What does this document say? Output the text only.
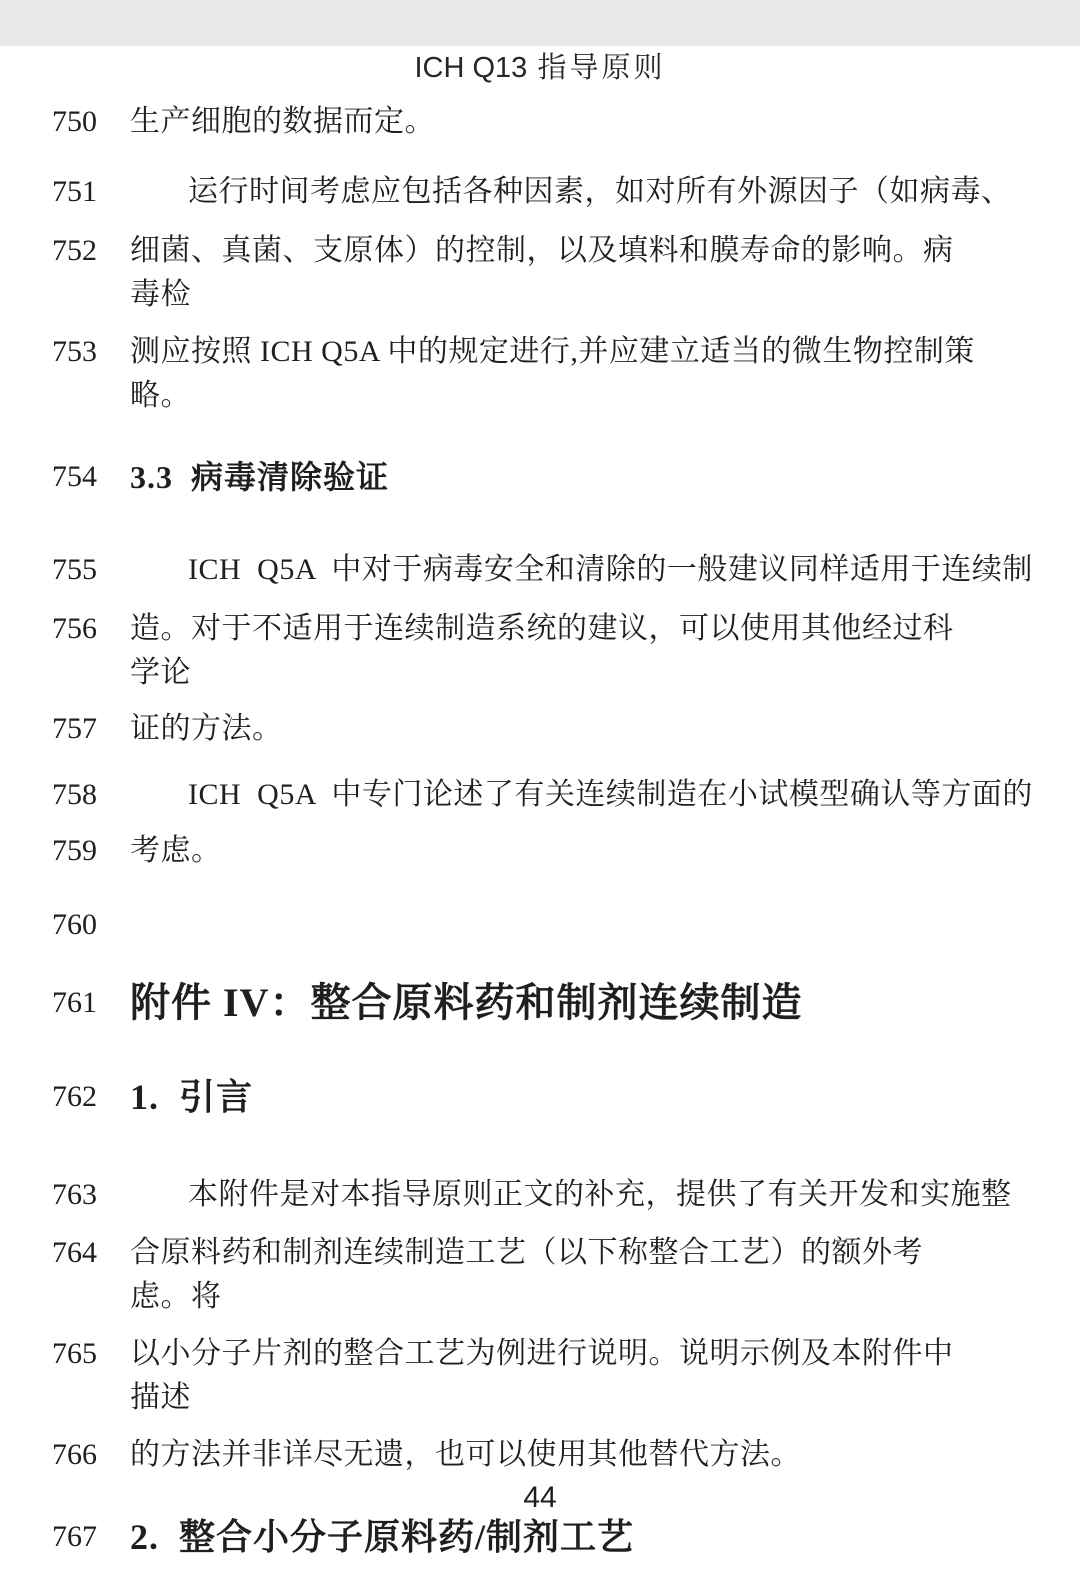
ICH Q13 指导原则
750	生产细胞的数据而定。
751	运行时间考虑应包括各种因素，如对所有外源因子（如病毒、
752	细菌、真菌、支原体）的控制，以及填料和膜寿命的影响。病毒检
753	测应按照 ICH Q5A 中的规定进行,并应建立适当的微生物控制策略。
754	3.3  病毒清除验证
755	ICH  Q5A  中对于病毒安全和清除的一般建议同样适用于连续制
756	造。对于不适用于连续制造系统的建议，可以使用其他经过科学论
757	证的方法。
758	ICH  Q5A  中专门论述了有关连续制造在小试模型确认等方面的
759	考虑。
760
761 附件 IV：整合原料药和制剂连续制造
762 1.  引言
763	本附件是对本指导原则正文的补充，提供了有关开发和实施整
764	合原料药和制剂连续制造工艺（以下称整合工艺）的额外考虑。将
765	以小分子片剂的整合工艺为例进行说明。说明示例及本附件中描述
766	的方法并非详尽无遗，也可以使用其他替代方法。
767 2.  整合小分子原料药/制剂工艺
44
